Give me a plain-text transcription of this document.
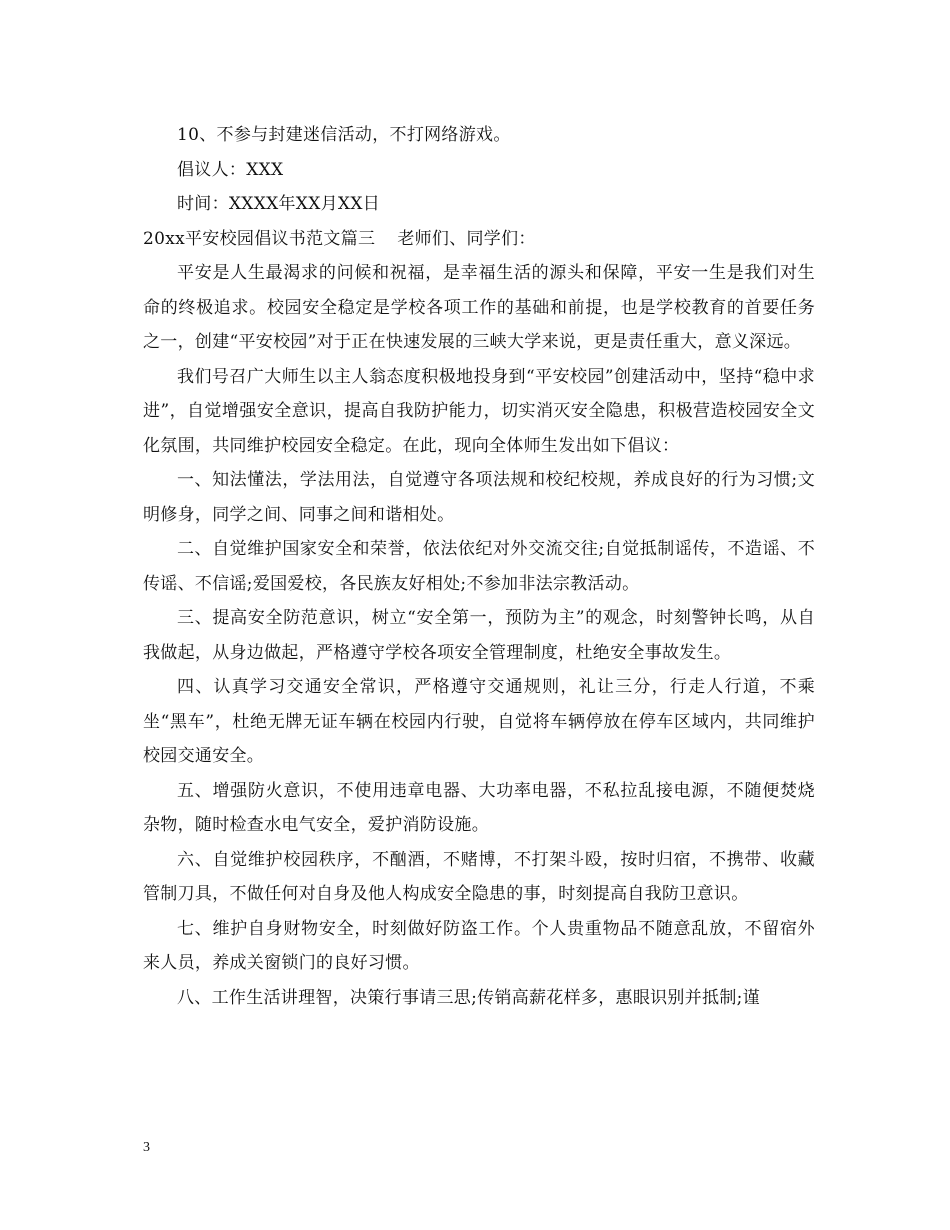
10、不参与封建迷信活动，不打网络游戏。

倡议人：XXX

时间：XXXX年XX月XX日

20xx平安校园倡议书范文篇三 老师们、同学们：

平安是人生最渴求的问候和祝福，是幸福生活的源头和保障，平安一生是我们对生命的终极追求。校园安全稳定是学校各项工作的基础和前提，也是学校教育的首要任务之一，创建“平安校园”对于正在快速发展的三峡大学来说，更是责任重大，意义深远。

我们号召广大师生以主人翁态度积极地投身到“平安校园”创建活动中，坚持“稳中求进”，自觉增强安全意识，提高自我防护能力，切实消灭安全隐患，积极营造校园安全文化氛围，共同维护校园安全稳定。在此，现向全体师生发出如下倡议：

一、知法懂法，学法用法，自觉遵守各项法规和校纪校规，养成良好的行为习惯;文明修身，同学之间、同事之间和谐相处。

二、自觉维护国家安全和荣誉，依法依纪对外交流交往;自觉抵制谣传，不造谣、不传谣、不信谣;爱国爱校，各民族友好相处;不参加非法宗教活动。

三、提高安全防范意识，树立“安全第一，预防为主”的观念，时刻警钟长鸣，从自我做起，从身边做起，严格遵守学校各项安全管理制度，杜绝安全事故发生。

四、认真学习交通安全常识，严格遵守交通规则，礼让三分，行走人行道，不乘坐“黑车”，杜绝无牌无证车辆在校园内行驶，自觉将车辆停放在停车区域内，共同维护校园交通安全。

五、增强防火意识，不使用违章电器、大功率电器，不私拉乱接电源，不随便焚烧杂物，随时检查水电气安全，爱护消防设施。

六、自觉维护校园秩序，不酗酒，不赌博，不打架斗殴，按时归宿，不携带、收藏管制刀具，不做任何对自身及他人构成安全隐患的事，时刻提高自我防卫意识。

七、维护自身财物安全，时刻做好防盗工作。个人贵重物品不随意乱放，不留宿外来人员，养成关窗锁门的良好习惯。

八、工作生活讲理智，决策行事请三思;传销高薪花样多，惠眼识别并抵制;谨

3
